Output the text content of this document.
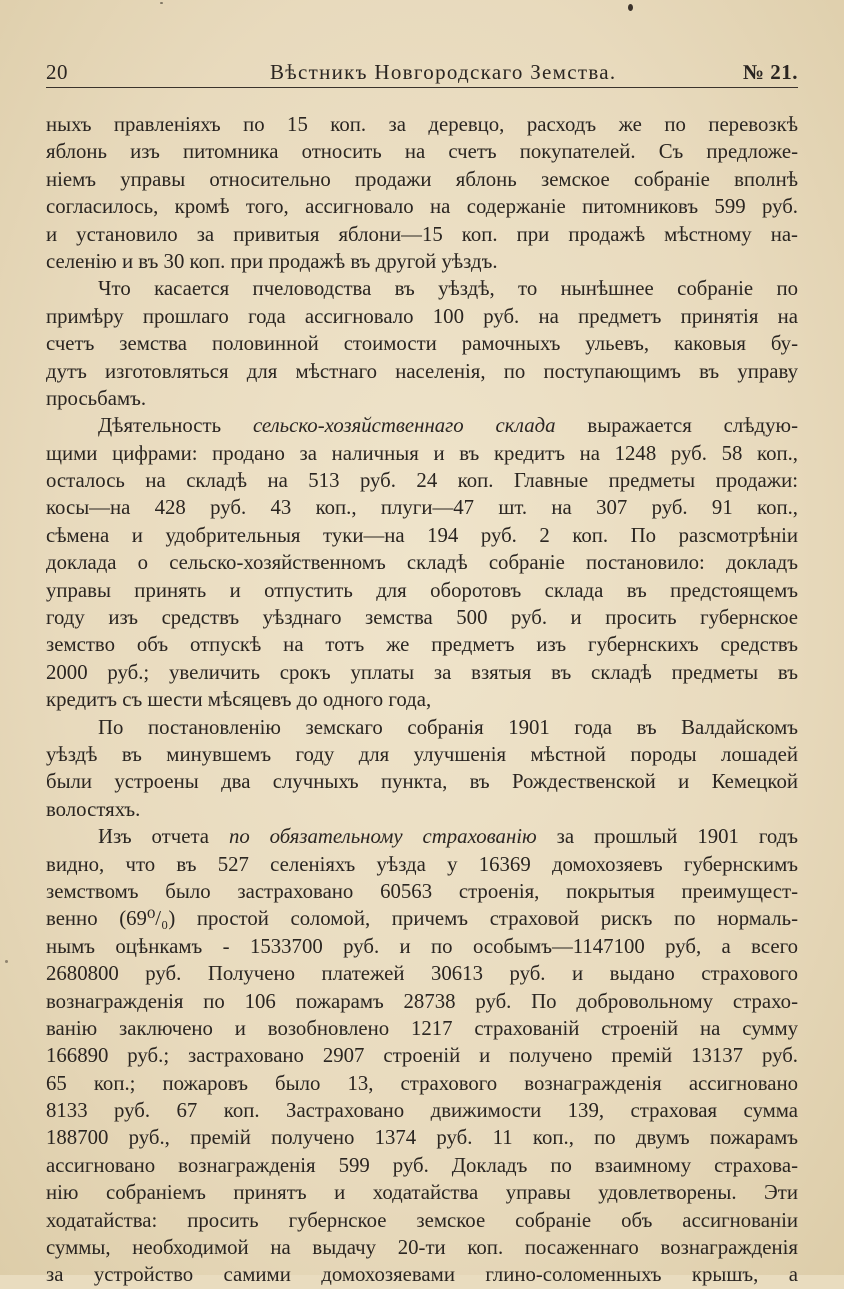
20	Вѣстникъ Новгородскаго Земства.	№ 21.
ныхъ правленіяхъ по 15 коп. за деревцо, расходъ же по перевозкѣ
яблонь изъ питомника относить на счетъ покупателей. Съ предложе-
ніемъ управы относительно продажи яблонь земское собраніе вполнѣ
согласилось, кромѣ того, ассигновало на содержаніе питомниковъ 599 руб.
и установило за привитыя яблони—15 коп. при продажѣ мѣстному на-
селенію и въ 30 коп. при продажѣ въ другой уѣздъ.
Что касается пчеловодства въ уѣздѣ, то нынѣшнее собраніе по
примѣру прошлаго года ассигновало 100 руб. на предметъ принятія на
счетъ земства половинной стоимости рамочныхъ ульевъ, каковыя бу-
дутъ изготовляться для мѣстнаго населенія, по поступающимъ въ управу
просьбамъ.
Дѣятельность сельско-хозяйственнаго склада выражается слѣдую-
щими цифрами: продано за наличныя и въ кредитъ на 1248 руб. 58 коп.,
осталось на складѣ на 513 руб. 24 коп. Главные предметы продажи:
косы—на 428 руб. 43 коп., плуги—47 шт. на 307 руб. 91 коп.,
сѣмена и удобрительныя туки—на 194 руб. 2 коп. По разсмотрѣніи
доклада о сельско-хозяйственномъ складѣ собраніе постановило: докладъ
управы принять и отпустить для оборотовъ склада въ предстоящемъ
году изъ средствъ уѣзднаго земства 500 руб. и просить губернское
земство объ отпускѣ на тотъ же предметъ изъ губернскихъ средствъ
2000 руб.; увеличить срокъ уплаты за взятыя въ складѣ предметы въ
кредитъ съ шести мѣсяцевъ до одного года,
По постановленію земскаго собранія 1901 года въ Валдайскомъ
уѣздѣ въ минувшемъ году для улучшенія мѣстной породы лошадей
были устроены два случныхъ пункта, въ Рождественской и Кемецкой
волостяхъ.
Изъ отчета по обязательному страхованію за прошлый 1901 годъ
видно, что въ 527 селеніяхъ уѣзда у 16369 домохозяевъ губернскимъ
земствомъ было застраховано 60563 строенія, покрытыя преимущест-
венно (69⁰/₀) простой соломой, причемъ страховой рискъ по нормаль-
нымъ оцѣнкамъ - 1533700 руб. и по особымъ—1147100 руб, а всего
2680800 руб. Получено платежей 30613 руб. и выдано страхового
вознагражденія по 106 пожарамъ 28738 руб. По добровольному страхо-
ванію заключено и возобновлено 1217 страхованій строеній на сумму
166890 руб.; застраховано 2907 строеній и получено премій 13137 руб.
65 коп.; пожаровъ было 13, страхового вознагражденія ассигновано
8133 руб. 67 коп. Застраховано движимости 139, страховая сумма
188700 руб., премій получено 1374 руб. 11 коп., по двумъ пожарамъ
ассигновано вознагражденія 599 руб. Докладъ по взаимному страхова-
нію собраніемъ принятъ и ходатайства управы удовлетворены. Эти
ходатайства: просить губернское земское собраніе объ ассигнованіи
суммы, необходимой на выдачу 20-ти коп. посаженнаго вознагражденія
за устройство самими домохозяевами глино-соломенныхъ крышъ, а
